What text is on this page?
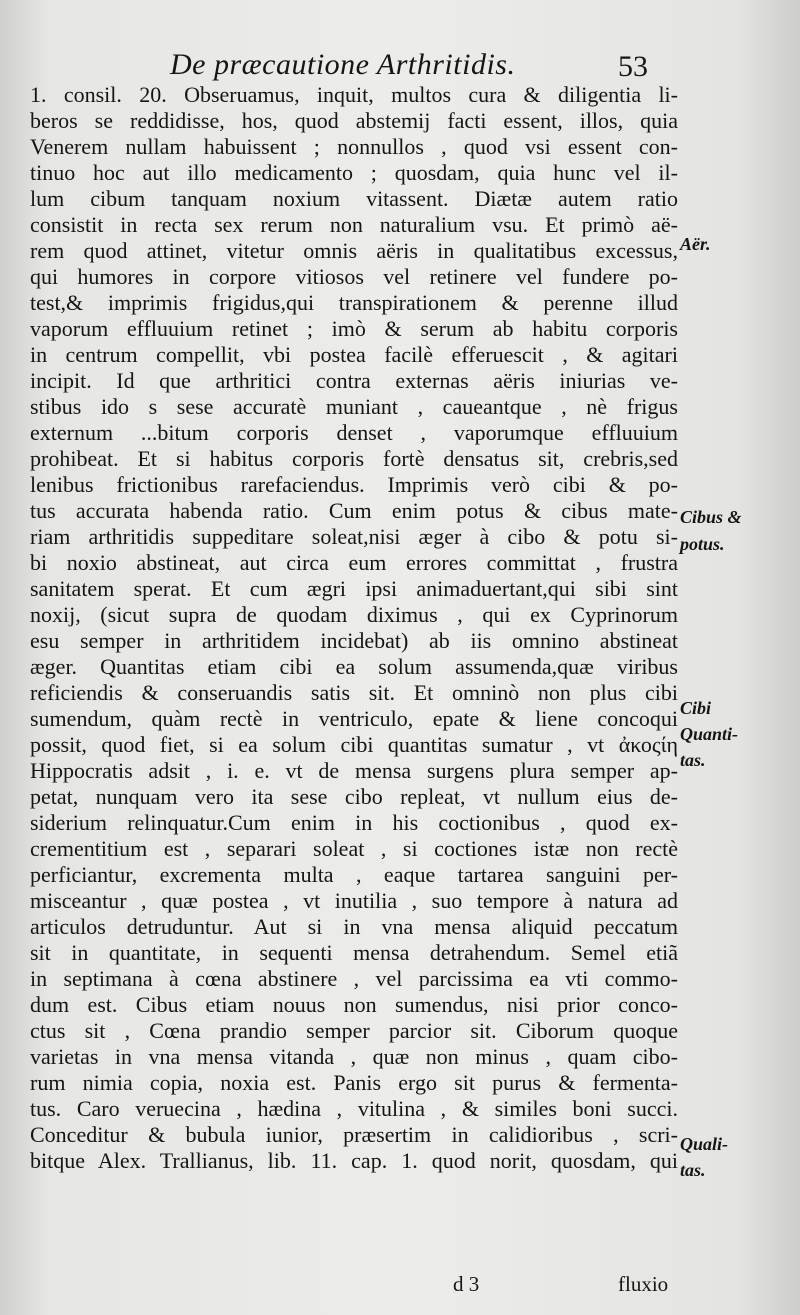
De præcautione Arthritidis.	53
1. consil. 20. Obseruamus, inquit, multos cura & diligentia li-
beros se reddidisse, hos, quod abstemij facti essent, illos, quia
Venerem nullam habuissent ; nonnullos , quod vsi essent con-
tinuo hoc aut illo medicamento ; quosdam, quia hunc vel il-
lum cibum tanquam noxium vitassent. Diætæ autem ratio
consistit in recta sex rerum non naturalium vsu. Et primò aë-
rem quod attinet, vitetur omnis aëris in qualitatibus excessus,
qui humores in corpore vitiosos vel retinere vel fundere po-
test,& imprimis frigidus,qui transpirationem & perenne illud
vaporum effluuium retinet ; imò & serum ab habitu corporis
in centrum compellit, vbi postea facilè efferuescit , & agitari
incipit. Id que arthritici contra externas aëris iniurias ve-
stibus ido s sese accuratè muniant , caueantque , nè frigus
externum ...bitum corporis denset , vaporumque effluuium
prohibeat. Et si habitus corporis fortè densatus sit, crebris,sed
lenibus frictionibus rarefaciendus. Imprimis verò cibi & po-
tus accurata habenda ratio. Cum enim potus & cibus mate-
riam arthritidis suppeditare soleat,nisi æger à cibo & potu si-
bi noxio abstineat, aut circa eum errores committat , frustra
sanitatem sperat. Et cum ægri ipsi animaduertant,qui sibi sint
noxij, (sicut supra de quodam diximus , qui ex Cyprinorum
esu semper in arthritidem incidebat) ab iis omnino abstineat
æger. Quantitas etiam cibi ea solum assumenda,quæ viribus
reficiendis & conseruandis satis sit. Et omninò non plus cibi
sumendum, quàm rectè in ventriculo, epate & liene concoqui
possit, quod fiet, si ea solum cibi quantitas sumatur , vt ἀκοςίη
Hippocratis adsit , i. e. vt de mensa surgens plura semper ap-
petat, nunquam vero ita sese cibo repleat, vt nullum eius de-
siderium relinquatur.Cum enim in his coctionibus , quod ex-
crementitium est , separari soleat , si coctiones istæ non rectè
perficiantur, excrementa multa , eaque tartarea sanguini per-
misceantur , quæ postea , vt inutilia , suo tempore à natura ad
articulos detruduntur. Aut si in vna mensa aliquid peccatum
sit in quantitate, in sequenti mensa detrahendum. Semel etiã
in septimana à cœna abstinere , vel parcissima ea vti commo-
dum est. Cibus etiam nouus non sumendus, nisi prior conco-
ctus sit , Cœna prandio semper parcior sit. Ciborum quoque
varietas in vna mensa vitanda , quæ non minus , quam cibo-
rum nimia copia, noxia est. Panis ergo sit purus & fermenta-
tus. Caro veruecina , hædina , vitulina , & similes boni succi.
Conceditur & bubula iunior, præsertim in calidioribus , scri-
bitque Alex. Trallianus, lib. 11. cap. 1. quod norit, quosdam, qui
Aër.
Cibus &
potus.
Cibi
Quanti-
tas.
Quali-
tas.
d 3	fluxio
